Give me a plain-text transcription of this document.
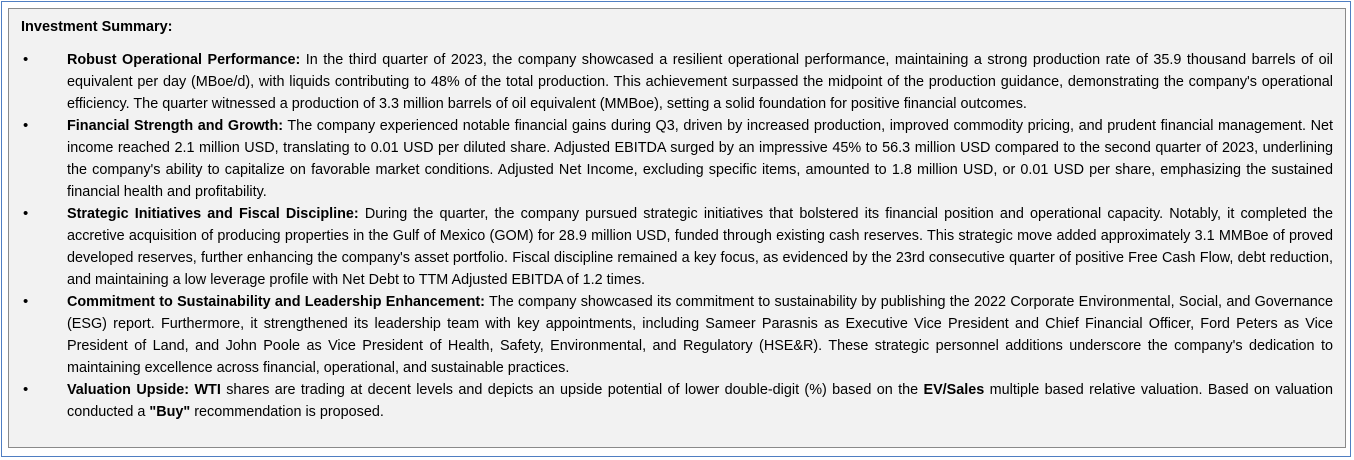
Investment Summary:
•	Robust Operational Performance: In the third quarter of 2023, the company showcased a resilient operational performance, maintaining a strong production rate of 35.9 thousand barrels of oil equivalent per day (MBoe/d), with liquids contributing to 48% of the total production. This achievement surpassed the midpoint of the production guidance, demonstrating the company's operational efficiency. The quarter witnessed a production of 3.3 million barrels of oil equivalent (MMBoe), setting a solid foundation for positive financial outcomes.
•	Financial Strength and Growth: The company experienced notable financial gains during Q3, driven by increased production, improved commodity pricing, and prudent financial management. Net income reached 2.1 million USD, translating to 0.01 USD per diluted share. Adjusted EBITDA surged by an impressive 45% to 56.3 million USD compared to the second quarter of 2023, underlining the company's ability to capitalize on favorable market conditions. Adjusted Net Income, excluding specific items, amounted to 1.8 million USD, or 0.01 USD per share, emphasizing the sustained financial health and profitability.
•	Strategic Initiatives and Fiscal Discipline: During the quarter, the company pursued strategic initiatives that bolstered its financial position and operational capacity. Notably, it completed the accretive acquisition of producing properties in the Gulf of Mexico (GOM) for 28.9 million USD, funded through existing cash reserves. This strategic move added approximately 3.1 MMBoe of proved developed reserves, further enhancing the company's asset portfolio. Fiscal discipline remained a key focus, as evidenced by the 23rd consecutive quarter of positive Free Cash Flow, debt reduction, and maintaining a low leverage profile with Net Debt to TTM Adjusted EBITDA of 1.2 times.
•	Commitment to Sustainability and Leadership Enhancement: The company showcased its commitment to sustainability by publishing the 2022 Corporate Environmental, Social, and Governance (ESG) report. Furthermore, it strengthened its leadership team with key appointments, including Sameer Parasnis as Executive Vice President and Chief Financial Officer, Ford Peters as Vice President of Land, and John Poole as Vice President of Health, Safety, Environmental, and Regulatory (HSE&R). These strategic personnel additions underscore the company's dedication to maintaining excellence across financial, operational, and sustainable practices.
•	Valuation Upside: WTI shares are trading at decent levels and depicts an upside potential of lower double-digit (%) based on the EV/Sales multiple based relative valuation. Based on valuation conducted a "Buy" recommendation is proposed.
